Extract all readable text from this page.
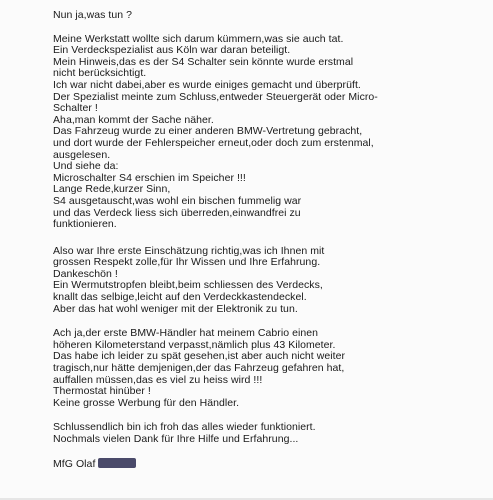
Nun ja,was tun ?
Meine Werkstatt wollte sich darum kümmern,was sie auch tat.
Ein Verdeckspezialist aus Köln war daran beteiligt.
Mein Hinweis,das es der S4 Schalter sein könnte wurde erstmal
nicht berücksichtigt.
Ich war nicht dabei,aber es wurde einiges gemacht und überprüft.
Der Spezialist meinte zum Schluss,entweder Steuergerät oder Micro-
Schalter !
Aha,man kommt der Sache näher.
Das Fahrzeug wurde zu einer anderen BMW-Vertretung gebracht,
und dort wurde der Fehlerspeicher erneut,oder doch zum erstenmal,
ausgelesen.
Und siehe da:
Microschalter S4 erschien im Speicher !!!
Lange Rede,kurzer Sinn,
S4 ausgetauscht,was wohl ein bischen fummelig war
und das Verdeck liess sich überreden,einwandfrei zu
funktionieren.
Also war Ihre erste Einschätzung richtig,was ich Ihnen mit
grossen Respekt zolle,für Ihr Wissen und Ihre Erfahrung.
Dankeschön !
Ein Wermutstropfen bleibt,beim schliessen des Verdecks,
knallt das selbige,leicht auf den Verdeckkastendeckel.
Aber das hat wohl weniger mit der Elektronik zu tun.
Ach ja,der erste BMW-Händler hat meinem Cabrio einen
höheren Kilometerstand verpasst,nämlich plus 43 Kilometer.
Das habe ich leider zu spät gesehen,ist aber auch nicht weiter
tragisch,nur hätte demjenigen,der das Fahrzeug gefahren hat,
auffallen müssen,das es viel zu heiss wird !!!
Thermostat hinüber !
Keine grosse Werbung für den Händler.
Schlussendlich bin ich froh das alles wieder funktioniert.
Nochmals vielen Dank für Ihre Hilfe und Erfahrung...
MfG Olaf
